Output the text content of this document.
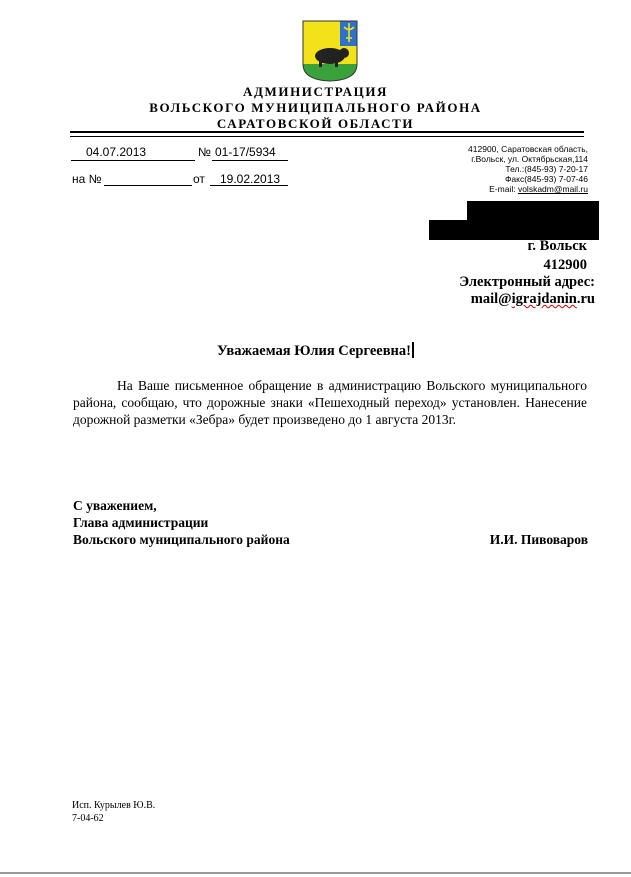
АДМИНИСТРАЦИЯ
ВОЛЬСКОГО МУНИЦИПАЛЬНОГО РАЙОНА
САРАТОВСКОЙ ОБЛАСТИ
04.07.2013	№ 01-17/5934
на №	от 19.02.2013
412900, Саратовская область,
г.Вольск, ул. Октябрьская,114
Тел.:(845-93) 7-20-17
Факс(845-93) 7-07-46
E-mail: volskadm@mail.ru
г. Вольск
412900
Электронный адрес:
mail@igrajdanin.ru
Уважаемая Юлия Сергеевна!
На Ваше письменное обращение в администрацию Вольского муниципального района, сообщаю, что дорожные знаки «Пешеходный переход» установлен. Нанесение дорожной разметки «Зебра» будет произведено до 1 августа 2013г.
С уважением,
Глава администрации
Вольского муниципального района	И.И. Пивоваров
Исп. Курылев Ю.В.
7-04-62
